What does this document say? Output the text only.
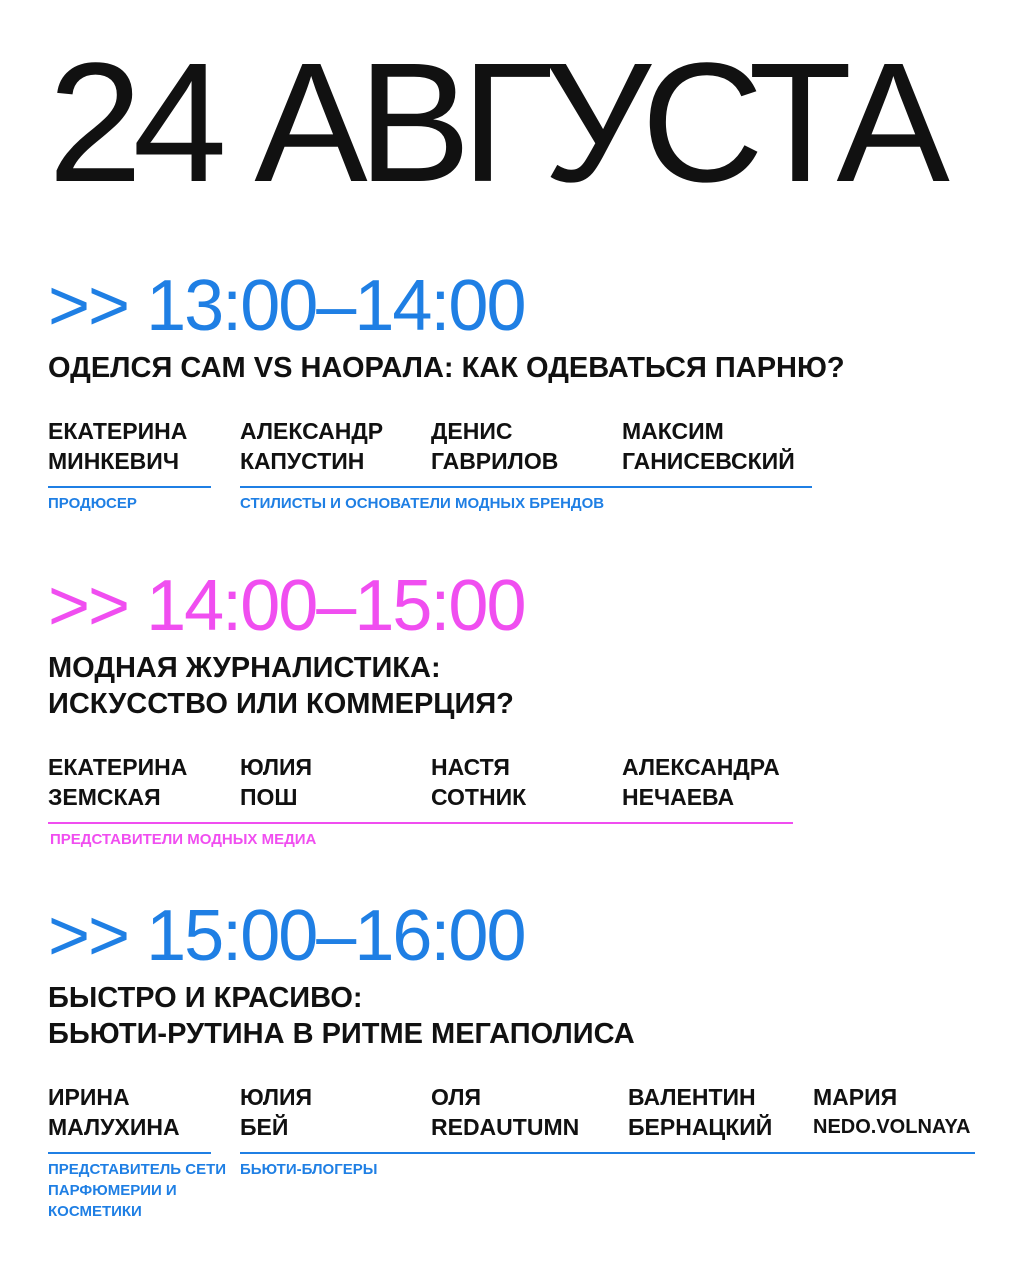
24 АВГУСТА
>> 13:00–14:00
ОДЕЛСЯ САМ VS НАОРАЛА: КАК ОДЕВАТЬСЯ ПАРНЮ?
ЕКАТЕРИНА
МИНКЕВИЧ
АЛЕКСАНДР
КАПУСТИН
ДЕНИС
ГАВРИЛОВ
МАКСИМ
ГАНИСЕВСКИЙ
ПРОДЮСЕР	СТИЛИСТЫ И ОСНОВАТЕЛИ МОДНЫХ БРЕНДОВ
>> 14:00–15:00
МОДНАЯ ЖУРНАЛИСТИКА:
ИСКУССТВО ИЛИ КОММЕРЦИЯ?
ЕКАТЕРИНА
ЗЕМСКАЯ
ЮЛИЯ
ПОШ
НАСТЯ
СОТНИК
АЛЕКСАНДРА
НЕЧАЕВА
ПРЕДСТАВИТЕЛИ МОДНЫХ МЕДИА
>> 15:00–16:00
БЫСТРО И КРАСИВО:
БЬЮТИ-РУТИНА В РИТМЕ МЕГАПОЛИСА
ИРИНА
МАЛУХИНА
ЮЛИЯ
БЕЙ
ОЛЯ
REDAUTUMN
ВАЛЕНТИН
БЕРНАЦКИЙ
МАРИЯ
NEDO.VOLNAYA
ПРЕДСТАВИТЕЛЬ СЕТИ ПАРФЮМЕРИИ И КОСМЕТИКИ
БЬЮТИ-БЛОГЕРЫ
